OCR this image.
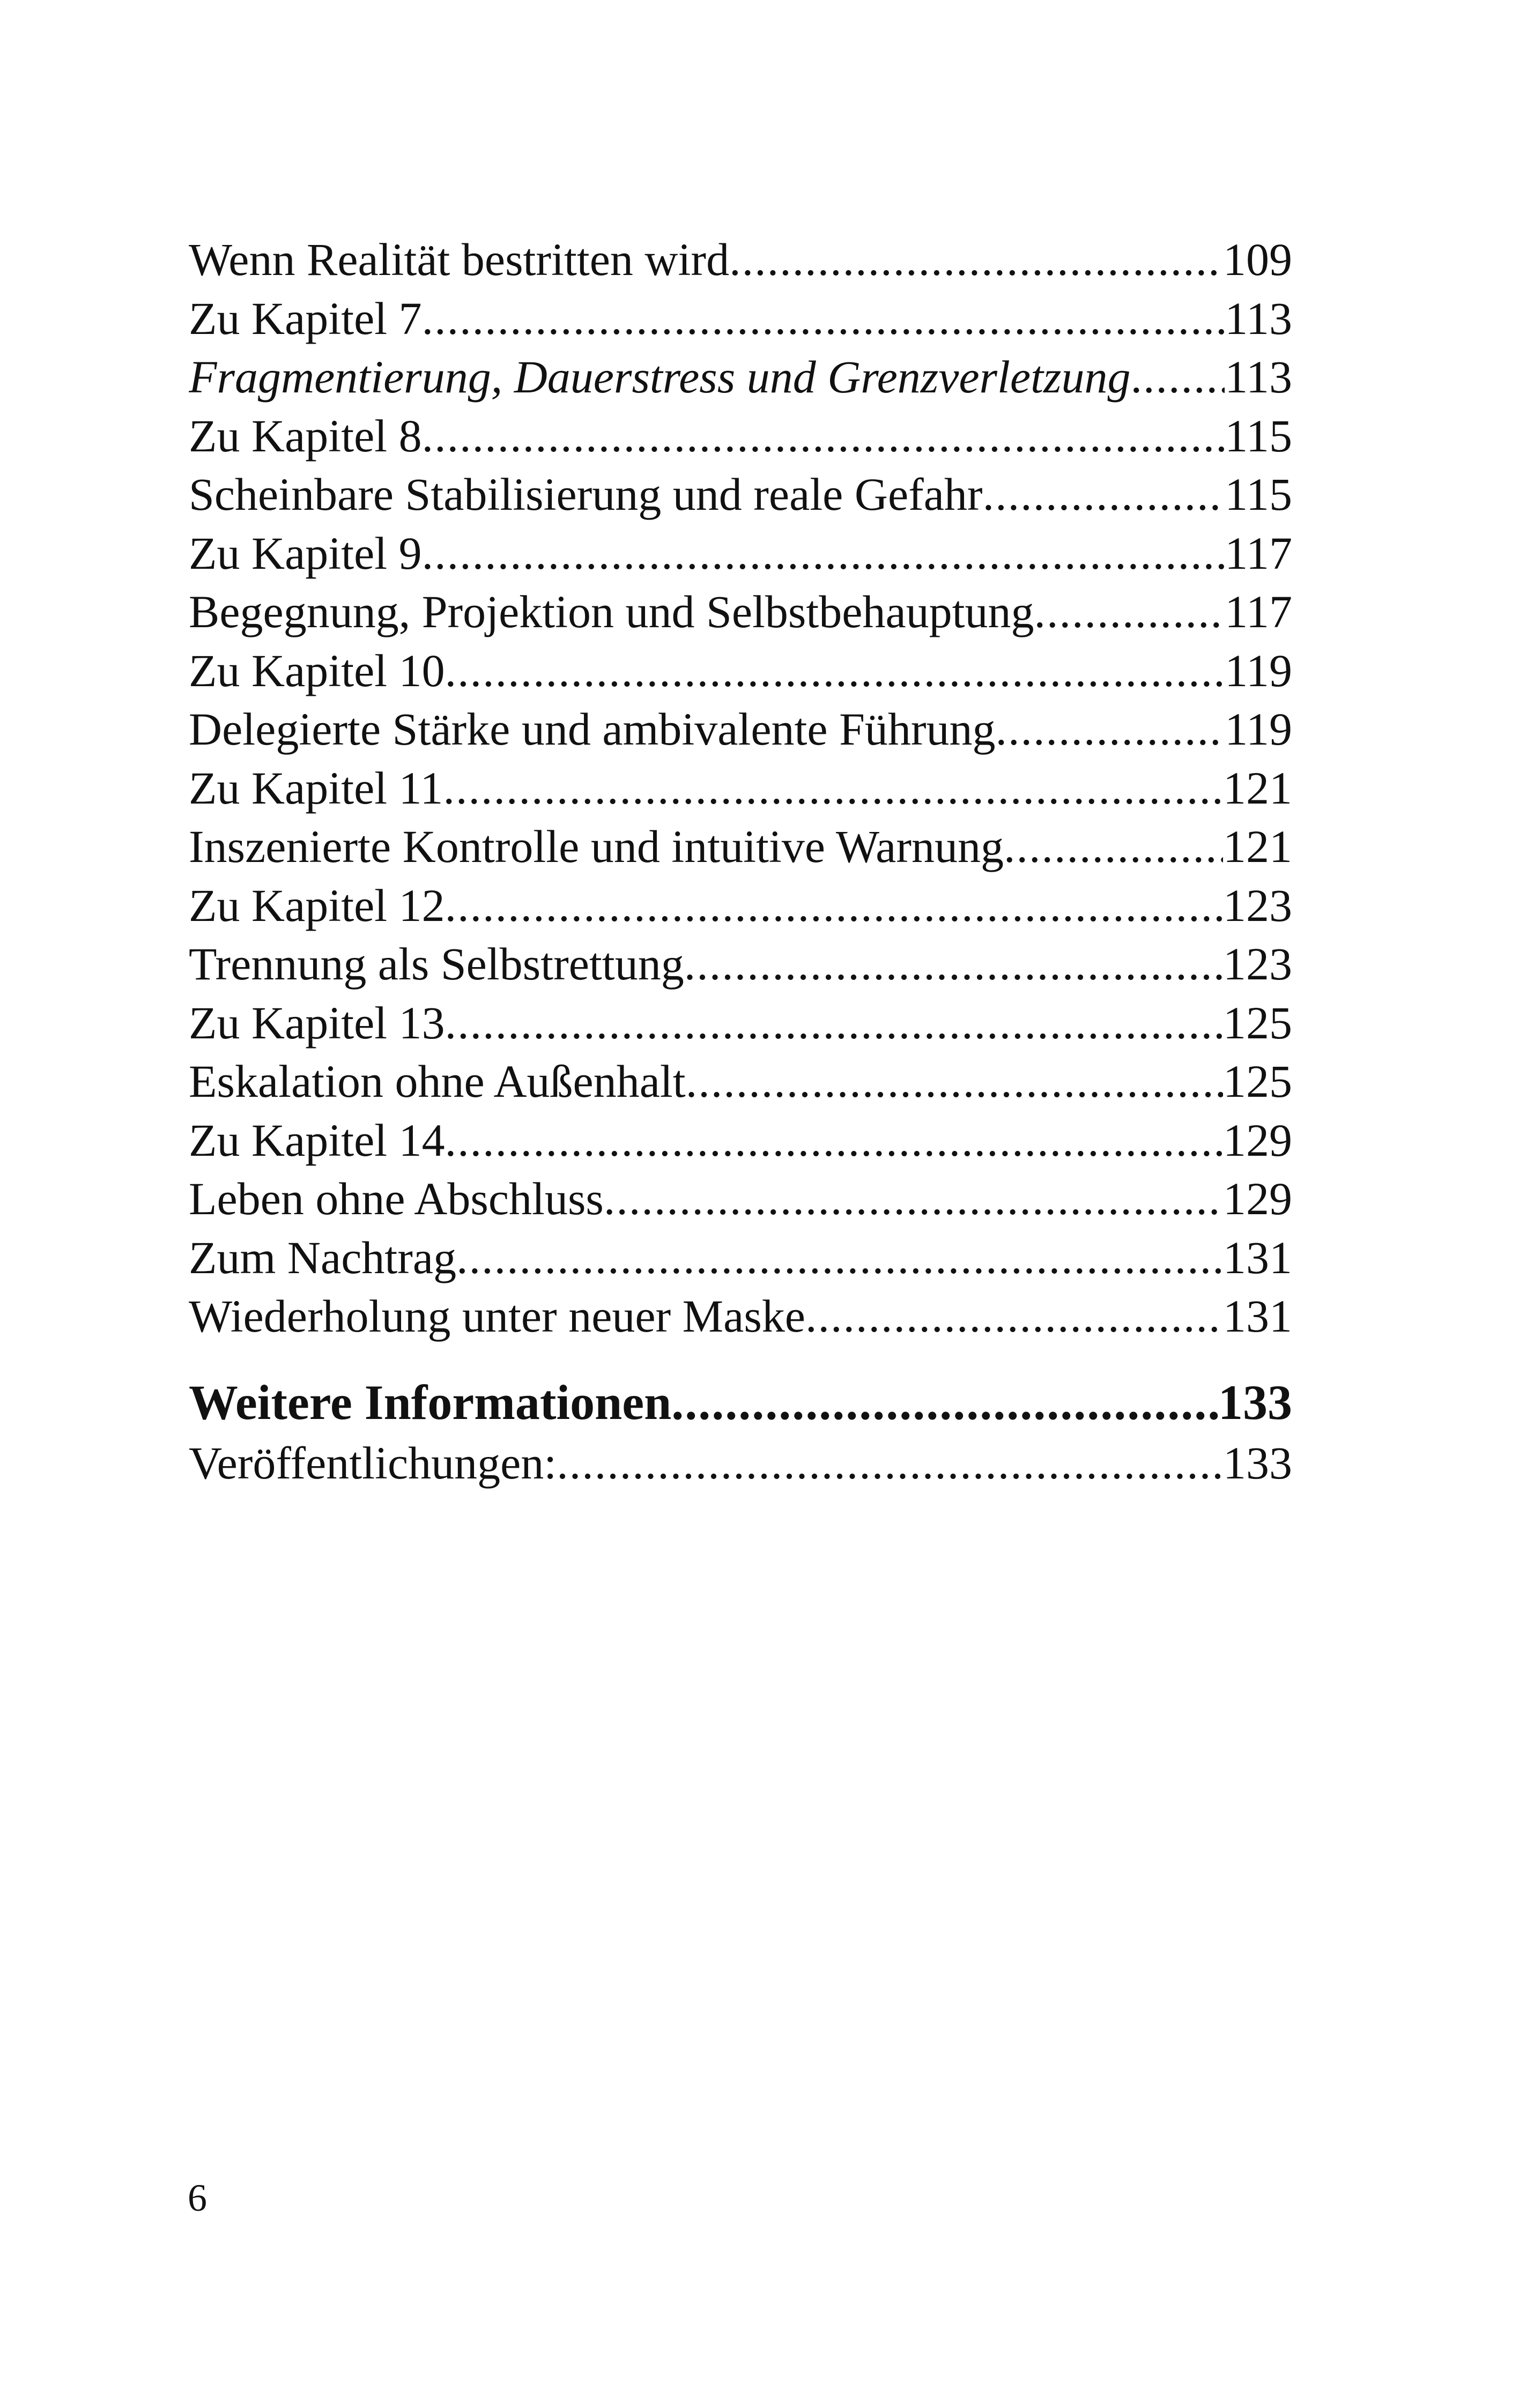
Wenn Realität bestritten wird .....	109
Zu Kapitel 7 .....	113
Fragmentierung, Dauerstress und Grenzverletzung ..... 113
Zu Kapitel 8 .....	115
Scheinbare Stabilisierung und reale Gefahr .....	115
Zu Kapitel 9 .....	117
Begegnung, Projektion und Selbstbehauptung .....	117
Zu Kapitel 10 .....	119
Delegierte Stärke und ambivalente Führung .....	119
Zu Kapitel 11 .....	121
Inszenierte Kontrolle und intuitive Warnung .....	121
Zu Kapitel 12 .....	123
Trennung als Selbstrettung .....	123
Zu Kapitel 13 .....	125
Eskalation ohne Außenhalt .....	125
Zu Kapitel 14 .....	129
Leben ohne Abschluss .....	129
Zum Nachtrag .....	131
Wiederholung unter neuer Maske .....	131
Weitere Informationen .....	133
Veröffentlichungen: .....	133
6
